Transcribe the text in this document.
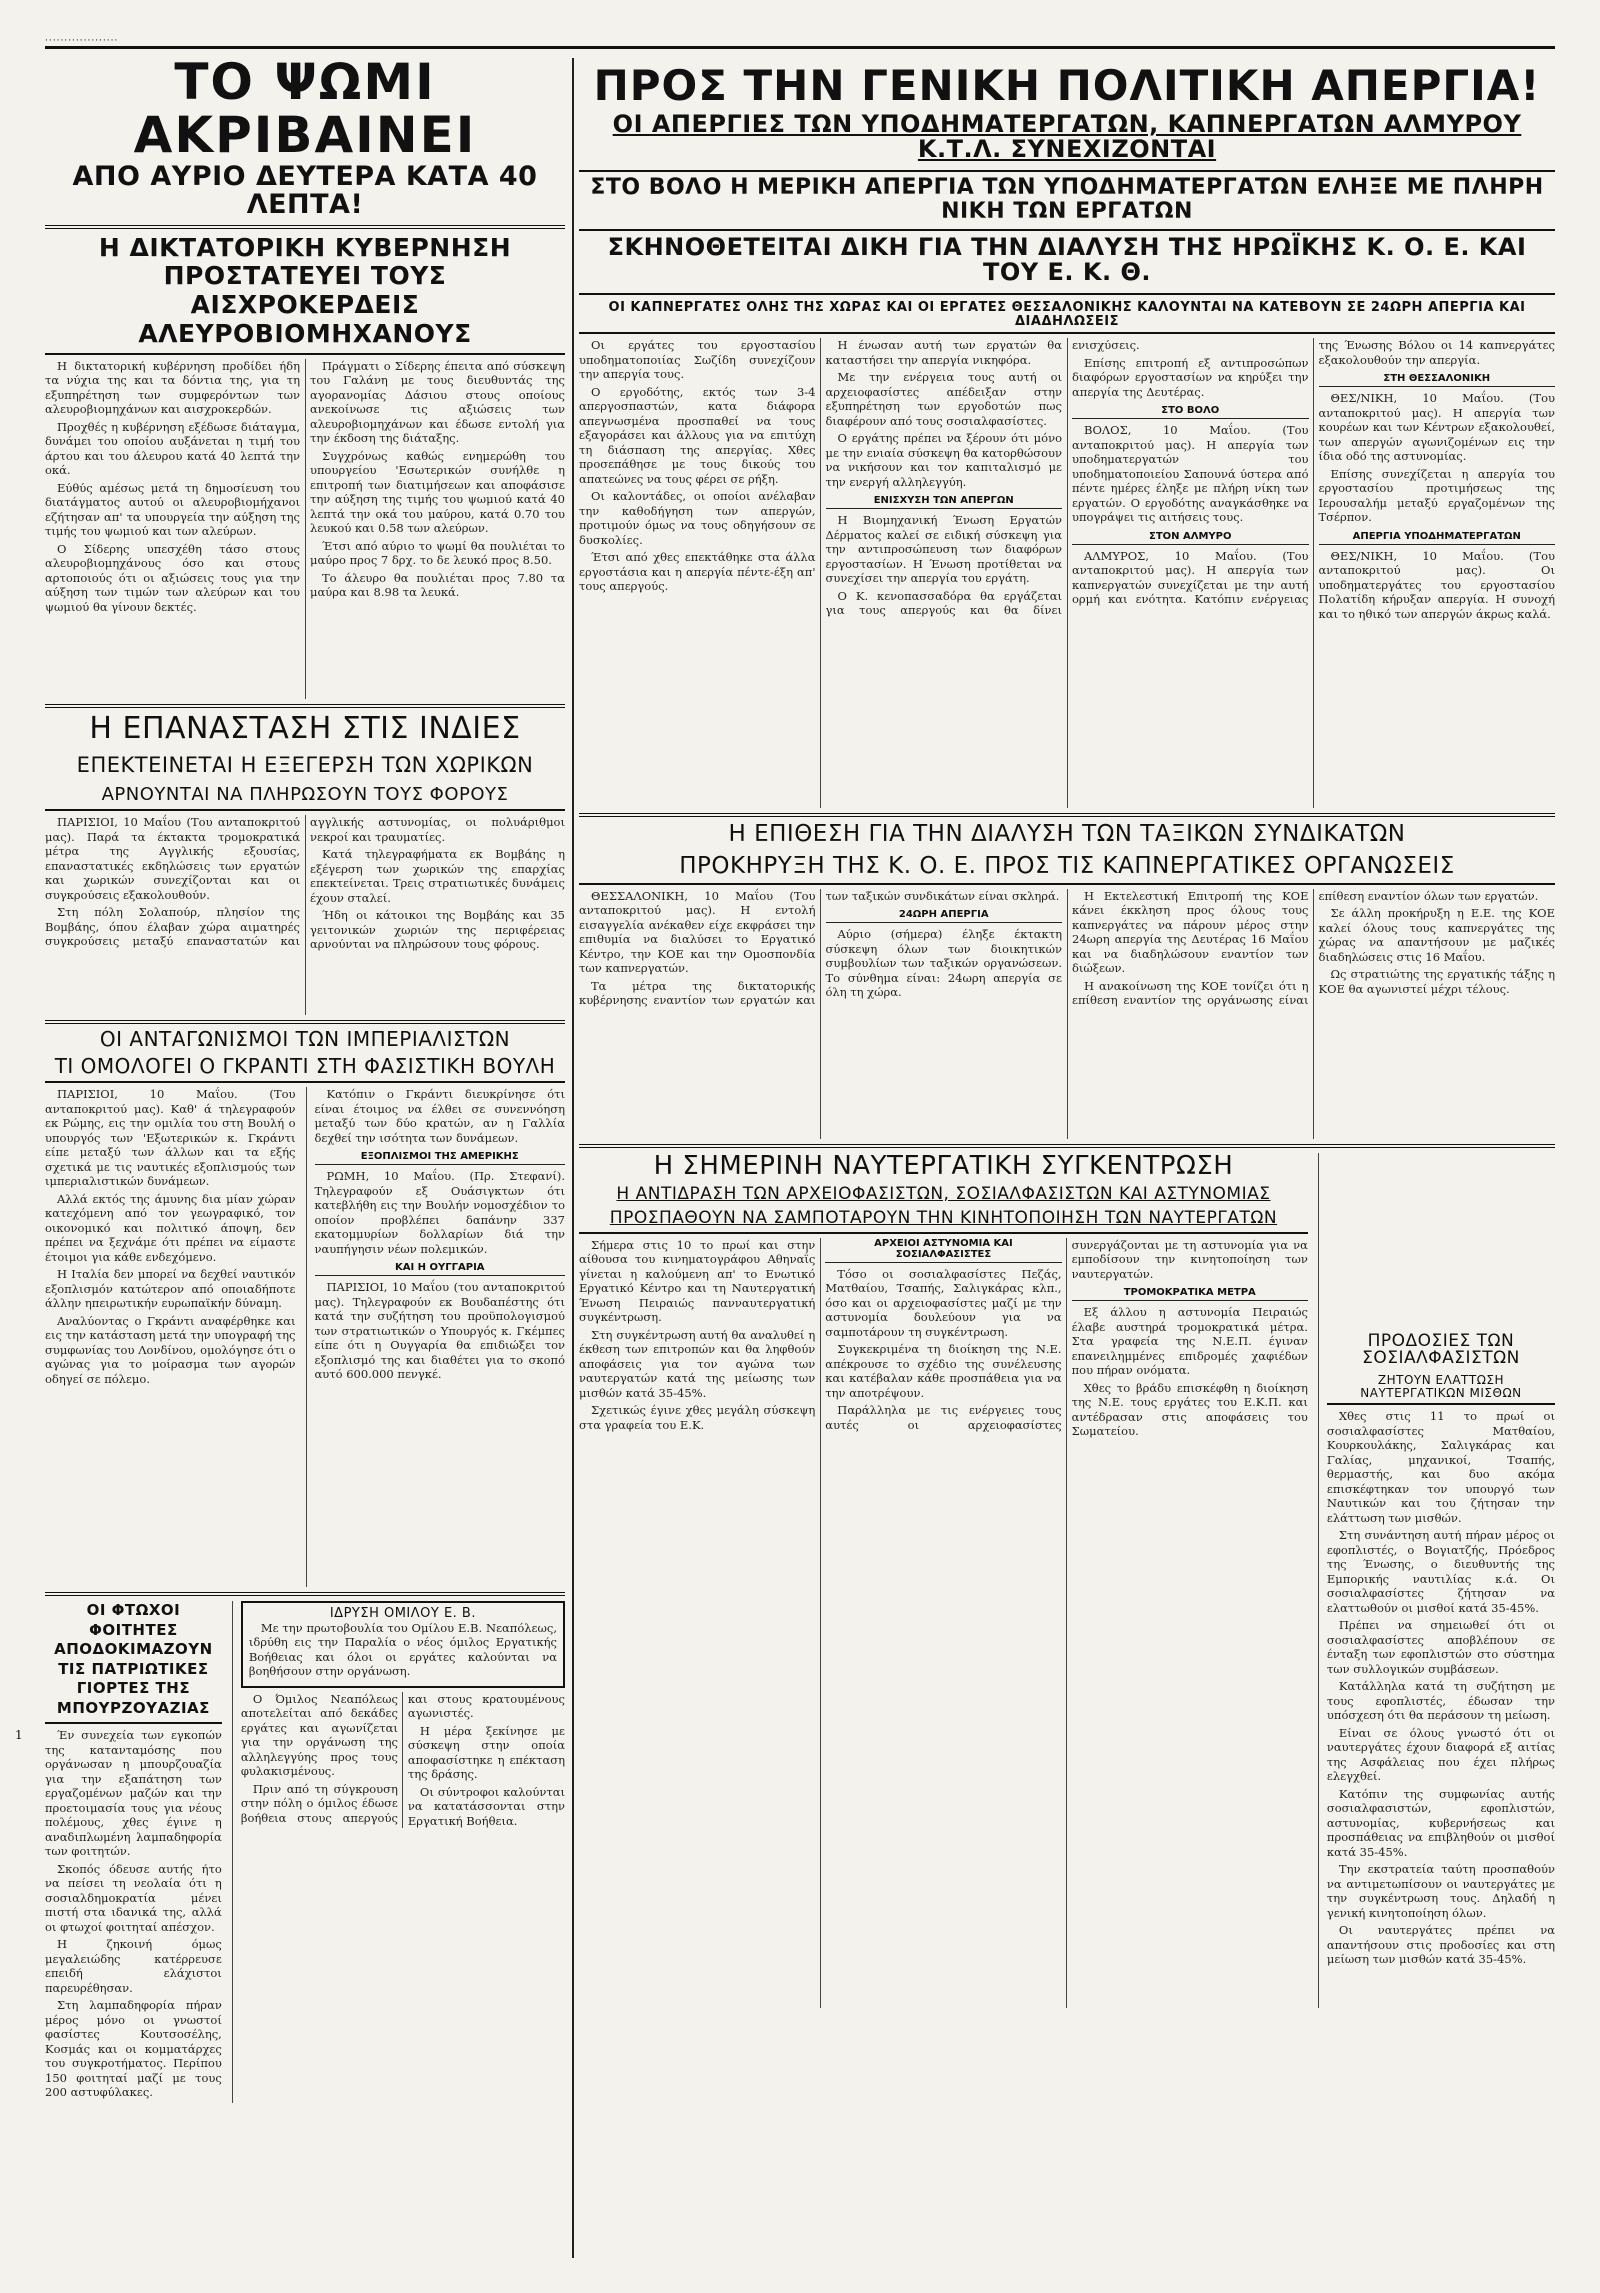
···················
ΤΟ ΨΩΜΙ ΑΚΡΙΒΑΙΝΕΙ
ΑΠΟ ΑΥΡΙΟ ΔΕΥΤΕΡΑ ΚΑΤΑ 40 ΛΕΠΤΑ!
Η ΔΙΚΤΑΤΟΡΙΚΗ ΚΥΒΕΡΝΗΣΗ ΠΡΟΣΤΑΤΕΥΕΙ ΤΟΥΣ ΑΙΣΧΡΟΚΕΡΔΕΙΣ ΑΛΕΥΡΟΒΙΟΜΗΧΑΝΟΥΣ

Η δικτατορική κυβέρνηση προδίδει ήδη τα νύχια της και τα δόντια της, για τη εξυπηρέτηση των συμφερόντων των αλευροβιομηχάνων και αισχροκερδών.

Προχθές η κυβέρνηση εξέδωσε διάταγμα, δυνάμει του οποίου αυξάνεται η τιμή του άρτου και του άλευρου κατά 40 λεπτά την οκά.

Εύθύς αμέσως μετά τη δημοσίευση του διατάγματος αυτού οι αλευροβιομήχανοι εζήτησαν απ' τα υπουργεία την αύξηση της τιμής του ψωμιού και των αλεύρων.

Ο Σίδερης υπεσχέθη τάσο στους αλευροβιομηχάνους όσο και στους αρτοποιούς ότι οι αξιώσεις τους για την αύξηση των τιμών των αλεύρων και του ψωμιού θα γίνουν δεκτές.

Πράγματι ο Σίδερης έπειτα από σύσκεψη του Γαλάνη με τους διευθυντάς της αγορανομίας Δάσιου στους οποίους ανεκοίνωσε τις αξιώσεις των αλευροβιομηχάνων και έδωσε εντολή για την έκδοση της διάταξης.

Συγχρόνως καθώς ενημερώθη του υπουργείου 'Εσωτερικών συνήλθε η επιτροπή των διατιμήσεων και αποφάσισε την αύξηση της τιμής του ψωμιού κατά 40 λεπτά την οκά του μαύρου, κατά 0.70 του λευκού και 0.58 των αλεύρων.

Έτσι από αύριο το ψωμί θα πουλιέται το μαύρο προς 7 δρχ. το δε λευκό προς 8.50.

Το άλευρο θα πουλιέται προς 7.80 τα μαύρα και 8.98 τα λευκά.

Η ΕΠΑΝΑΣΤΑΣΗ ΣΤΙΣ ΙΝΔΙΕΣ
ΕΠΕΚΤΕΙΝΕΤΑΙ Η ΕΞΕΓΕΡΣΗ ΤΩΝ ΧΩΡΙΚΩΝ
ΑΡΝΟΥΝΤΑΙ ΝΑ ΠΛΗΡΩΣΟΥΝ ΤΟΥΣ ΦΟΡΟΥΣ

ΠΑΡΙΣΙΟΙ, 10 Μαΐου (Του ανταποκριτού μας). Παρά τα έκτακτα τρομοκρατικά μέτρα της Αγγλικής εξουσίας, επαναστατικές εκδηλώσεις των εργατών και χωρικών συνεχίζονται και οι συγκρούσεις εξακολουθούν.

Στη πόλη Σολαπούρ, πλησίον της Βομβάης, όπου έλαβαν χώρα αιματηρές συγκρούσεις μεταξύ επαναστατών και αγγλικής αστυνομίας, οι πολυάριθμοι νεκροί και τραυματίες.

Κατά τηλεγραφήματα εκ Βομβάης η εξέγερση των χωρικών της επαρχίας επεκτείνεται. Τρεις στρατιωτικές δυνάμεις έχουν σταλεί.

Ήδη οι κάτοικοι της Βομβάης και 35 γειτονικών χωριών της περιφέρειας αρνούνται να πληρώσουν τους φόρους.

ΟΙ ΑΝΤΑΓΩΝΙΣΜΟΙ ΤΩΝ ΙΜΠΕΡΙΑΛΙΣΤΩΝ
ΤΙ ΟΜΟΛΟΓΕΙ Ο ΓΚΡΑΝΤΙ ΣΤΗ ΦΑΣΙΣΤΙΚΗ ΒΟΥΛΗ

ΠΑΡΙΣΙΟΙ, 10 Μαΐου. (Του ανταποκριτού μας). Καθ' ά τηλεγραφούν εκ Ρώμης, εις την ομιλία του στη Βουλή ο υπουργός των 'Εξωτερικών κ. Γκράντι είπε μεταξύ των άλλων και τα εξής σχετικά με τις ναυτικές εξοπλισμούς των ιμπεριαλιστικών δυνάμεων.

Αλλά εκτός της άμυνης δια μίαν χώραν κατεχόμενη από τον γεωγραφικό, τον οικονομικό και πολιτικό άποψη, δεν πρέπει να ξεχνάμε ότι πρέπει να είμαστε έτοιμοι για κάθε ενδεχόμενο.

Η Ιταλία δεν μπορεί να δεχθεί ναυτικόν εξοπλισμόν κατώτερον από οποιαδήποτε άλλην ηπειρωτικήν ευρωπαϊκήν δύναμη.

Αναλύοντας ο Γκράντι αναφέρθηκε και εις την κατάσταση μετά την υπογραφή της συμφωνίας του Λονδίνου, ομολόγησε ότι ο αγώνας για το μοίρασμα των αγορών οδηγεί σε πόλεμο.

Κατόπιν ο Γκράντι διευκρίνησε ότι είναι έτοιμος να έλθει σε συνεννόηση μεταξύ των δύο κρατών, αν η Γαλλία δεχθεί την ισότητα των δυνάμεων.

ΕΞΟΠΛΙΣΜΟΙ ΤΗΣ ΑΜΕΡΙΚΗΣ

ΡΩΜΗ, 10 Μαΐου. (Πρ. Στεφανί). Τηλεγραφούν εξ Ουάσιγκτων ότι κατεβλήθη εις την Βουλήν νομοσχέδιον το οποίον προβλέπει δαπάνην 337 εκατομμυρίων δολλαρίων διά την ναυπήγησιν νέων πολεμικών.

ΚΑΙ Η ΟΥΓΓΑΡΙΑ

ΠΑΡΙΣΙΟΙ, 10 Μαΐου (του ανταποκριτού μας). Τηλεγραφούν εκ Βουδαπέστης ότι κατά την συζήτηση του προϋπολογισμού των στρατιωτικών ο Υπουργός κ. Γκέμπες είπε ότι η Ουγγαρία θα επιδιώξει τον εξοπλισμό της και διαθέτει για το σκοπό αυτό 600.000 πενγκέ.

ΟΙ ΦΤΩΧΟΙ ΦΟΙΤΗΤΕΣ ΑΠΟΔΟΚΙΜΑΖΟΥΝ ΤΙΣ ΠΑΤΡΙΩΤΙΚΕΣ ΓΙΟΡΤΕΣ ΤΗΣ ΜΠΟΥΡΖΟΥΑΖΙΑΣ

Έν συνεχεία των εγκοπών της κατανταμόσης που οργάνωσαν η μπουρζουαζία για την εξαπάτηση των εργαζομένων μαζών και την προετοιμασία τους για νέους πολέμους, χθες έγινε η αναδιπλωμένη λαμπαδηφορία των φοιτητών.

Σκοπός όδευσε αυτής ήτο να πείσει τη νεολαία ότι η σοσιαλδημοκρατία μένει πιστή στα ιδανικά της, αλλά οι φτωχοί φοιτηταί απέσχον.

Η ζηκοινή όμως μεγαλειώδης κατέρρευσε επειδή ελάχιστοι παρευρέθησαν.

Στη λαμπαδηφορία πήραν μέρος μόνο οι γνωστοί φασίστες Κουτσοσέλης, Κοσμάς και οι κομματάρχες του συγκροτήματος. Περίπου 150 φοιτηταί μαζί με τους 200 αστυφύλακες.

ΙΔΡΥΣΗ ΟΜΙΛΟΥ Ε. Β.

Με την πρωτοβουλία του Ομίλου Ε.Β. Νεαπόλεως, ιδρύθη εις την Παραλία ο νέος όμιλος Εργατικής Βοήθειας και όλοι οι εργάτες καλούνται να βοηθήσουν στην οργάνωση.

Ο Όμιλος Νεαπόλεως αποτελείται από δεκάδες εργάτες και αγωνίζεται για την οργάνωση της αλληλεγγύης προς τους φυλακισμένους.

Πριν από τη σύγκρουση στην πόλη ο όμιλος έδωσε βοήθεια στους απεργούς και στους κρατουμένους αγωνιστές.

Η μέρα ξεκίνησε με σύσκεψη στην οποία αποφασίστηκε η επέκταση της δράσης.

Οι σύντροφοι καλούνται να κατατάσσονται στην Εργατική Βοήθεια.

ΠΡΟΣ ΤΗΝ ΓΕΝΙΚΗ ΠΟΛΙΤΙΚΗ ΑΠΕΡΓΙΑ!
ΟΙ ΑΠΕΡΓΙΕΣ ΤΩΝ ΥΠΟΔΗΜΑΤΕΡΓΑΤΩΝ, ΚΑΠΝΕΡΓΑΤΩΝ ΑΛΜΥΡΟΥ Κ.Τ.Λ. ΣΥΝΕΧΙΖΟΝΤΑΙ
ΣΤΟ ΒΟΛΟ Η ΜΕΡΙΚΗ ΑΠΕΡΓΙΑ ΤΩΝ ΥΠΟΔΗΜΑΤΕΡΓΑΤΩΝ ΕΛΗΞΕ ΜΕ ΠΛΗΡΗ ΝΙΚΗ ΤΩΝ ΕΡΓΑΤΩΝ
ΣΚΗΝΟΘΕΤΕΙΤΑΙ ΔΙΚΗ ΓΙΑ ΤΗΝ ΔΙΑΛΥΣΗ ΤΗΣ ΗΡΩΪΚΗΣ Κ. Ο. Ε. ΚΑΙ ΤΟΥ Ε. Κ. Θ.
ΟΙ ΚΑΠΝΕΡΓΑΤΕΣ ΟΛΗΣ ΤΗΣ ΧΩΡΑΣ ΚΑΙ ΟΙ ΕΡΓΑΤΕΣ ΘΕΣΣΑΛΟΝΙΚΗΣ ΚΑΛΟΥΝΤΑΙ ΝΑ ΚΑΤΕΒΟΥΝ ΣΕ 24ΩΡΗ ΑΠΕΡΓΙΑ ΚΑΙ ΔΙΑΔΗΛΩΣΕΙΣ

Οι εργάτες του εργοστασίου υποδηματοποιίας Σωζίδη συνεχίζουν την απεργία τους.

Ο εργοδότης, εκτός των 3-4 απεργοσπαστών, κατα διάφορα απεγνωσμένα προσπαθεί να τους εξαγοράσει και άλλους για να επιτύχη τη διάσπαση της απεργίας. Χθες προσεπάθησε με τους δικούς του απατεώνες να τους φέρει σε ρήξη.

Οι καλοντάδες, οι οποίοι ανέλαβαν την καθοδήγηση των απεργών, προτιμούν όμως να τους οδηγήσουν σε δυσκολίες.

Έτσι από χθες επεκτάθηκε στα άλλα εργοστάσια και η απεργία πέντε-έξη απ' τους απεργούς.

Η ένωσαν αυτή των εργατών θα καταστήσει την απεργία νικηφόρα.

Με την ενέργεια τους αυτή οι αρχειοφασίστες απέδειξαν στην εξυπηρέτηση των εργοδοτών πως διαφέρουν από τους σοσιαλφασίστες.

Ο εργάτης πρέπει να ξέρουν ότι μόνο με την ενιαία σύσκεψη θα κατορθώσουν να νικήσουν και τον καπιταλισμό με την ενεργή αλληλεγγύη.

ΕΝΙΣΧΥΣΗ ΤΩΝ ΑΠΕΡΓΩΝ

Η Βιομηχανική Ένωση Εργατών Δέρματος καλεί σε ειδική σύσκεψη για την αντιπροσώπευση των διαφόρων εργοστασίων. Η Ένωση προτίθεται να συνεχίσει την απεργία του εργάτη.

Ο Κ. κενοπασσαδόρα θα εργάζεται για τους απεργούς και θα δίνει ενισχύσεις.

Επίσης επιτροπή εξ αντιπροσώπων διαφόρων εργοστασίων να κηρύξει την απεργία της Δευτέρας.

ΣΤΟ ΒΟΛΟ

ΒΟΛΟΣ, 10 Μαΐου. (Του ανταποκριτού μας). Η απεργία των υποδηματεργατών του υποδηματοποιείου Σαπουνά ύστερα από πέντε ημέρες έληξε με πλήρη νίκη των εργατών. Ο εργοδότης αναγκάσθηκε να υπογράψει τις αιτήσεις τους.

ΣΤΟΝ ΑΛΜΥΡΟ

ΑΛΜΥΡΟΣ, 10 Μαΐου. (Του ανταποκριτού μας). Η απεργία των καπνεργατών συνεχίζεται με την αυτή ορμή και ενότητα. Κατόπιν ενέργειας της Ένωσης Βόλου οι 14 καπνεργάτες εξακολουθούν την απεργία.

ΣΤΗ ΘΕΣΣΑΛΟΝΙΚΗ

ΘΕΣ/ΝΙΚΗ, 10 Μαΐου. (Του ανταποκριτού μας). Η απεργία των κουρέων και των Κέντρων εξακολουθεί, των απεργών αγωνιζομένων εις την ίδια οδό της αστυνομίας.

Επίσης συνεχίζεται η απεργία του εργοστασίου προτιμήσεως της Ιερουσαλήμ μεταξύ εργαζομένων της Τσέρπον.

ΑΠΕΡΓΙΑ ΥΠΟΔΗΜΑΤΕΡΓΑΤΩΝ

ΘΕΣ/ΝΙΚΗ, 10 Μαΐου. (Του ανταποκριτού μας). Οι υποδηματεργάτες του εργοστασίου Πολατίδη κήρυξαν απεργία. Η συνοχή και το ηθικό των απεργών άκρως καλά.

Η ΕΠΙΘΕΣΗ ΓΙΑ ΤΗΝ ΔΙΑΛΥΣΗ ΤΩΝ ΤΑΞΙΚΩΝ ΣΥΝΔΙΚΑΤΩΝ
ΠΡΟΚΗΡΥΞΗ ΤΗΣ Κ. Ο. Ε. ΠΡΟΣ ΤΙΣ ΚΑΠΝΕΡΓΑΤΙΚΕΣ ΟΡΓΑΝΩΣΕΙΣ

ΘΕΣΣΑΛΟΝΙΚΗ, 10 Μαΐου (Του ανταποκριτού μας). Η εντολή εισαγγελία ανέκαθεν είχε εκφράσει την επιθυμία να διαλύσει το Εργατικό Κέντρο, την ΚΟΕ και την Ομοσπονδία των καπνεργατών.

Τα μέτρα της δικτατορικής κυβέρνησης εναντίον των εργατών και των ταξικών συνδικάτων είναι σκληρά.

24ΩΡΗ ΑΠΕΡΓΙΑ

Αύριο (σήμερα) έληξε έκτακτη σύσκεψη όλων των διοικητικών συμβουλίων των ταξικών οργανώσεων. Το σύνθημα είναι: 24ωρη απεργία σε όλη τη χώρα.

Η Εκτελεστική Επιτροπή της ΚΟΕ κάνει έκκληση προς όλους τους καπνεργάτες να πάρουν μέρος στην 24ωρη απεργία της Δευτέρας 16 Μαΐου και να διαδηλώσουν εναντίον των διώξεων.

Η ανακοίνωση της ΚΟΕ τονίζει ότι η επίθεση εναντίον της οργάνωσης είναι επίθεση εναντίον όλων των εργατών.

Σε άλλη προκήρυξη η Ε.Ε. της ΚΟΕ καλεί όλους τους καπνεργάτες της χώρας να απαντήσουν με μαζικές διαδηλώσεις στις 16 Μαΐου.

Ως στρατιώτης της εργατικής τάξης η ΚΟΕ θα αγωνιστεί μέχρι τέλους.

Η ΣΗΜΕΡΙΝΗ ΝΑΥΤΕΡΓΑΤΙΚΗ ΣΥΓΚΕΝΤΡΩΣΗ
Η ΑΝΤΙΔΡΑΣΗ ΤΩΝ ΑΡΧΕΙΟΦΑΣΙΣΤΩΝ, ΣΟΣΙΑΛΦΑΣΙΣΤΩΝ ΚΑΙ ΑΣΤΥΝΟΜΙΑΣ
ΠΡΟΣΠΑΘΟΥΝ ΝΑ ΣΑΜΠΟΤΑΡΟΥΝ ΤΗΝ ΚΙΝΗΤΟΠΟΙΗΣΗ ΤΩΝ ΝΑΥΤΕΡΓΑΤΩΝ

Σήμερα στις 10 το πρωί και στην αίθουσα του κινηματογράφου Αθηναΐς γίνεται η καλούμενη απ' το Ενωτικό Εργατικό Κέντρο και τη Ναυτεργατική Ένωση Πειραιώς πανναυτεργατική συγκέντρωση.

Στη συγκέντρωση αυτή θα αναλυθεί η έκθεση των επιτροπών και θα ληφθούν αποφάσεις για τον αγώνα των ναυτεργατών κατά της μείωσης των μισθών κατά 35-45%.

Σχετικώς έγινε χθες μεγάλη σύσκεψη στα γραφεία του Ε.Κ.

ΑΡΧΕΙΟΙ ΑΣΤΥΝΟΜΙΑ ΚΑΙ ΣΟΣΙΑΛΦΑΣΙΣΤΕΣ

Τόσο οι σοσιαλφασίστες Πεζάς, Ματθαίου, Τσαπής, Σαλιγκάρας κλπ., όσο και οι αρχειοφασίστες μαζί με την αστυνομία δουλεύουν για να σαμποτάρουν τη συγκέντρωση.

Συγκεκριμένα τη διοίκηση της Ν.Ε. απέκρουσε το σχέδιο της συνέλευσης και κατέβαλαν κάθε προσπάθεια για να την αποτρέψουν.

Παράλληλα με τις ενέργειες τους αυτές οι αρχειοφασίστες συνεργάζονται με τη αστυνομία για να εμποδίσουν την κινητοποίηση των ναυτεργατών.

ΤΡΟΜΟΚΡΑΤΙΚΑ ΜΕΤΡΑ

Εξ άλλου η αστυνομία Πειραιώς έλαβε αυστηρά τρομοκρατικά μέτρα. Στα γραφεία της Ν.Ε.Π. έγιναν επανειλημμένες επιδρομές χαφιέδων που πήραν ονόματα.

Χθες το βράδυ επισκέφθη η διοίκηση της Ν.Ε. τους εργάτες του Ε.Κ.Π. και αντέδρασαν στις αποφάσεις του Σωματείου.

ΠΡΟΔΟΣΙΕΣ ΤΩΝ ΣΟΣΙΑΛΦΑΣΙΣΤΩΝ
ΖΗΤΟΥΝ ΕΛΑΤΤΩΣΗ ΝΑΥΤΕΡΓΑΤΙΚΩΝ ΜΙΣΘΩΝ

Χθες στις 11 το πρωί οι σοσιαλφασίστες Ματθαίου, Κουρκουλάκης, Σαλιγκάρας και Γαλίας, μηχανικοί, Τσαπής, θερμαστής, και δυο ακόμα επισκέφτηκαν τον υπουργό των Ναυτικών και του ζήτησαν την ελάττωση των μισθών.

Στη συνάντηση αυτή πήραν μέρος οι εφοπλιστές, ο Βογιατζής, Πρόεδρος της Ένωσης, ο διευθυντής της Εμπορικής ναυτιλίας κ.ά. Οι σοσιαλφασίστες ζήτησαν να ελαττωθούν οι μισθοί κατά 35-45%.

Πρέπει να σημειωθεί ότι οι σοσιαλφασίστες αποβλέπουν σε ένταξη των εφοπλιστών στο σύστημα των συλλογικών συμβάσεων.

Κατάλληλα κατά τη συζήτηση με τους εφοπλιστές, έδωσαν την υπόσχεση ότι θα περάσουν τη μείωση.

Είναι σε όλους γνωστό ότι οι ναυτεργάτες έχουν διαφορά εξ αιτίας της Ασφάλειας που έχει πλήρως ελεγχθεί.

Κατόπιν της συμφωνίας αυτής σοσιαλφασιστών, εφοπλιστών, αστυνομίας, κυβερνήσεως και προσπάθειας να επιβληθούν οι μισθοί κατά 35-45%.

Την εκστρατεία ταύτη προσπαθούν να αντιμετωπίσουν οι ναυτεργάτες με την συγκέντρωση τους. Δηλαδή η γενική κινητοποίηση όλων.

Οι ναυτεργάτες πρέπει να απαντήσουν στις προδοσίες και στη μείωση των μισθών κατά 35-45%.

1
